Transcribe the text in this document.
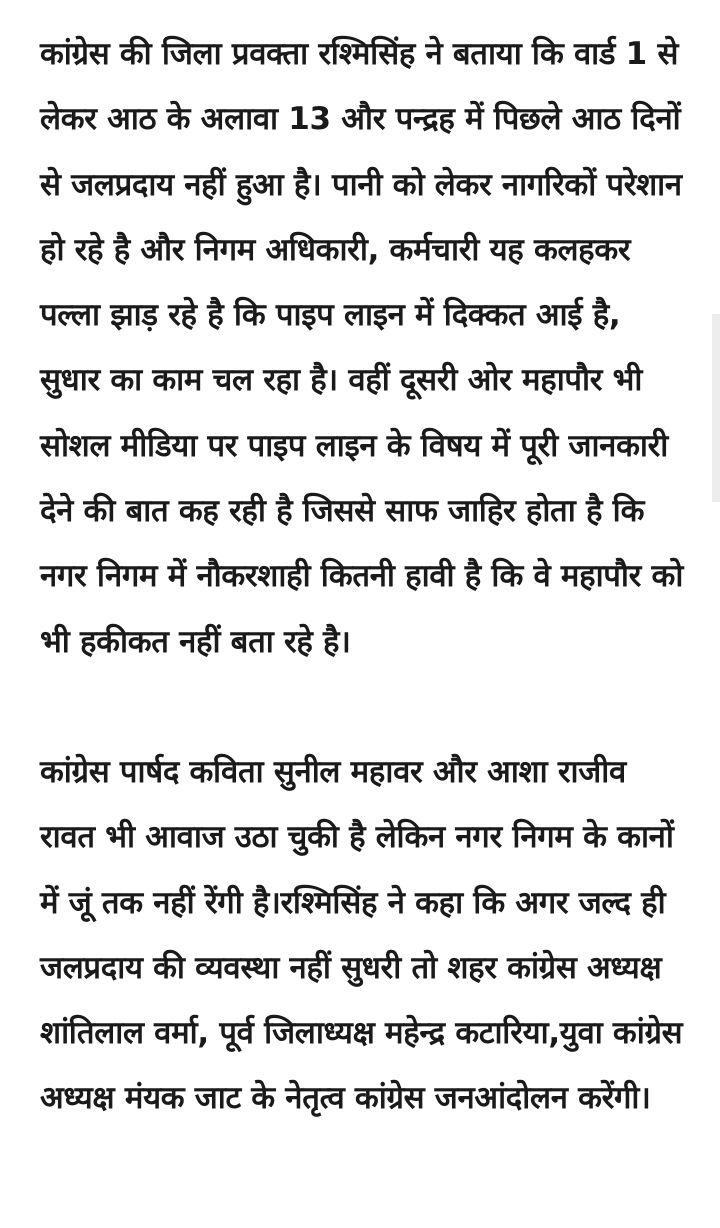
कांग्रेस की जिला प्रवक्ता रश्मिसिंह ने बताया कि वार्ड 1 से लेकर आठ के अलावा 13 और पन्द्रह में पिछले आठ दिनों से जलप्रदाय नहीं हुआ है। पानी को लेकर नागरिकों परेशान हो रहे है और निगम अधिकारी, कर्मचारी यह कलहकर पल्ला झाड़ रहे है कि पाइप लाइन में दिक्कत आई है, सुधार का काम चल रहा है। वहीं दूसरी ओर महापौर भी सोशल मीडिया पर पाइप लाइन के विषय में पूरी जानकारी देने की बात कह रही है जिससे साफ जाहिर होता है कि नगर निगम में नौकरशाही कितनी हावी है कि वे महापौर को भी हकीकत नहीं बता रहे है।

कांग्रेस पार्षद कविता सुनील महावर और आशा राजीव रावत भी आवाज उठा चुकी है लेकिन नगर निगम के कानों में जूं तक नहीं रेंगी है।रश्मिसिंह ने कहा कि अगर जल्द ही जलप्रदाय की व्यवस्था नहीं सुधरी तो शहर कांग्रेस अध्यक्ष शांतिलाल वर्मा, पूर्व जिलाध्यक्ष महेन्द्र कटारिया,युवा कांग्रेस अध्यक्ष मंयक जाट के नेतृत्व कांग्रेस जनआंदोलन करेंगी।
